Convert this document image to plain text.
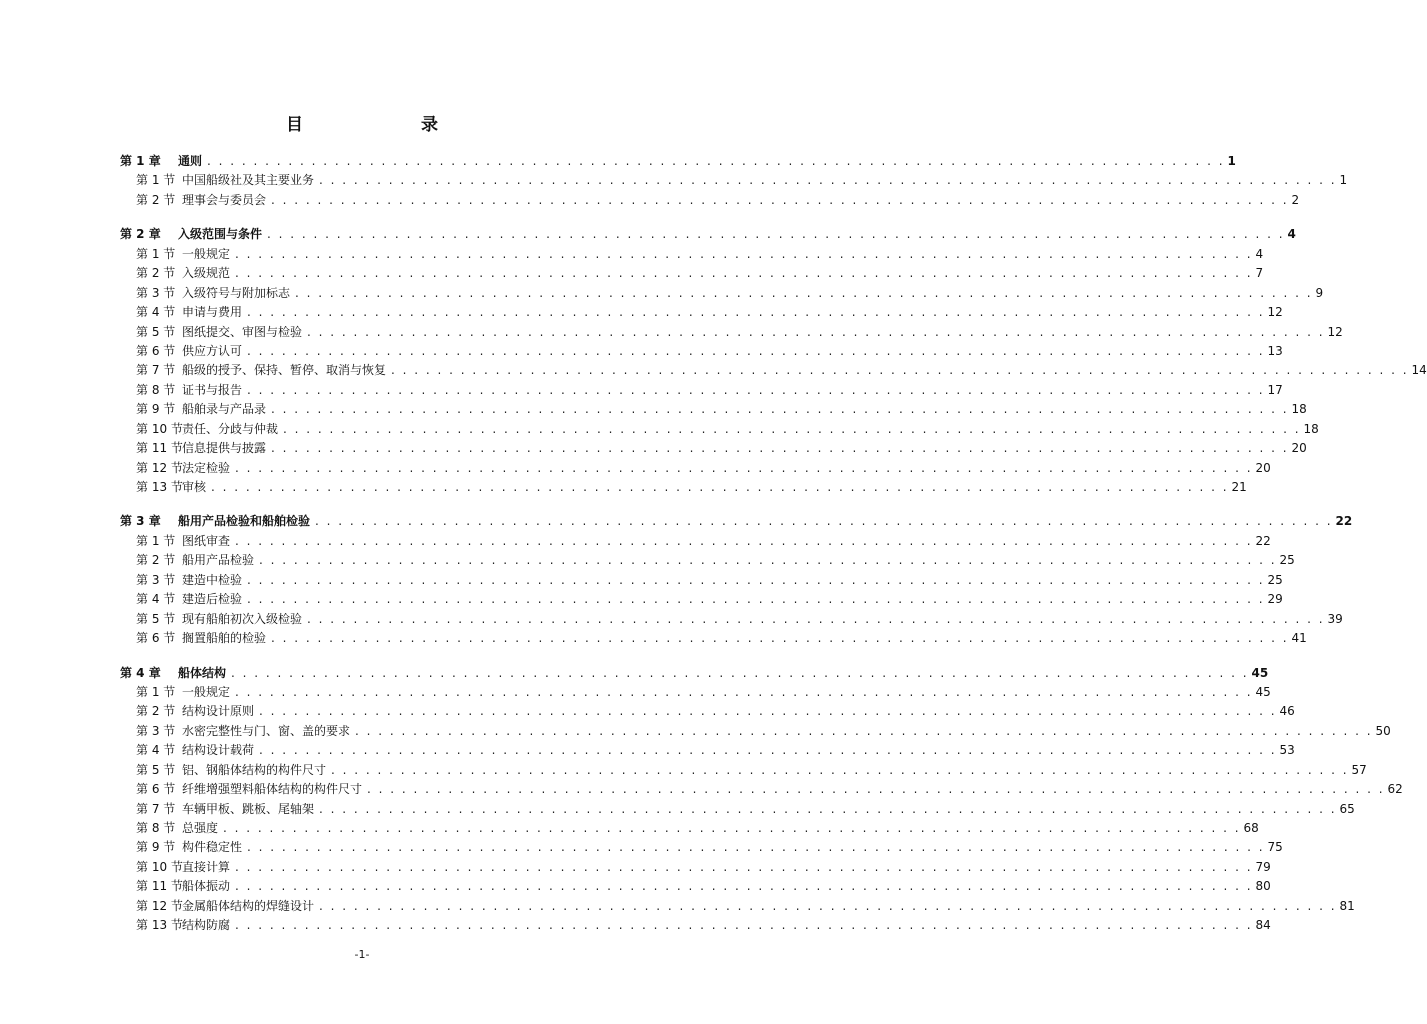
目　　录
第 1 章	通则 . . . . . . . . . . . . . . . . . . . . . . . . . . . . . . . . . . . . . . . . . . . . . . . . . . . . . . . . . . . . . . . . . . . . . . . . . . . . . . . . . . . . . . . . 1
第 1 节 中国船级社及其主要业务 . . . . . . . . . . . . . . . . . . . . . . . . . . . . . . . . . . . . . . . . . . . . . . . . . . . . . . . . . . . . . . . . . . . . . . . . . . . . . . . . . . . . . . . . 1
第 2 节 理事会与委员会 . . . . . . . . . . . . . . . . . . . . . . . . . . . . . . . . . . . . . . . . . . . . . . . . . . . . . . . . . . . . . . . . . . . . . . . . . . . . . . . . . . . . . . . . 2
第 2 章	入级范围与条件 . . . . . . . . . . . . . . . . . . . . . . . . . . . . . . . . . . . . . . . . . . . . . . . . . . . . . . . . . . . . . . . . . . . . . . . . . . . . . . . . . . . . . . . . 4
第 1 节 一般规定 . . . . . . . . . . . . . . . . . . . . . . . . . . . . . . . . . . . . . . . . . . . . . . . . . . . . . . . . . . . . . . . . . . . . . . . . . . . . . . . . . . . . . . . . 4
第 2 节 入级规范 . . . . . . . . . . . . . . . . . . . . . . . . . . . . . . . . . . . . . . . . . . . . . . . . . . . . . . . . . . . . . . . . . . . . . . . . . . . . . . . . . . . . . . . . 7
第 3 节 入级符号与附加标志 . . . . . . . . . . . . . . . . . . . . . . . . . . . . . . . . . . . . . . . . . . . . . . . . . . . . . . . . . . . . . . . . . . . . . . . . . . . . . . . . . . . . . . . . 9
第 4 节 申请与费用 . . . . . . . . . . . . . . . . . . . . . . . . . . . . . . . . . . . . . . . . . . . . . . . . . . . . . . . . . . . . . . . . . . . . . . . . . . . . . . . . . . . . . . . . 12
第 5 节 图纸提交、审图与检验 . . . . . . . . . . . . . . . . . . . . . . . . . . . . . . . . . . . . . . . . . . . . . . . . . . . . . . . . . . . . . . . . . . . . . . . . . . . . . . . . . . . . . . . . 12
第 6 节 供应方认可 . . . . . . . . . . . . . . . . . . . . . . . . . . . . . . . . . . . . . . . . . . . . . . . . . . . . . . . . . . . . . . . . . . . . . . . . . . . . . . . . . . . . . . . . 13
第 7 节 船级的授予、保持、暂停、取消与恢复 . . . . . . . . . . . . . . . . . . . . . . . . . . . . . . . . . . . . . . . . . . . . . . . . . . . . . . . . . . . . . . . . . . . . . . . . . . . . . . . . . . . . . . . . 14
第 8 节 证书与报告 . . . . . . . . . . . . . . . . . . . . . . . . . . . . . . . . . . . . . . . . . . . . . . . . . . . . . . . . . . . . . . . . . . . . . . . . . . . . . . . . . . . . . . . . 17
第 9 节 船舶录与产品录 . . . . . . . . . . . . . . . . . . . . . . . . . . . . . . . . . . . . . . . . . . . . . . . . . . . . . . . . . . . . . . . . . . . . . . . . . . . . . . . . . . . . . . . . 18
第 10 节 责任、分歧与仲裁 . . . . . . . . . . . . . . . . . . . . . . . . . . . . . . . . . . . . . . . . . . . . . . . . . . . . . . . . . . . . . . . . . . . . . . . . . . . . . . . . . . . . . . . . 18
第 11 节 信息提供与披露 . . . . . . . . . . . . . . . . . . . . . . . . . . . . . . . . . . . . . . . . . . . . . . . . . . . . . . . . . . . . . . . . . . . . . . . . . . . . . . . . . . . . . . . . 20
第 12 节 法定检验 . . . . . . . . . . . . . . . . . . . . . . . . . . . . . . . . . . . . . . . . . . . . . . . . . . . . . . . . . . . . . . . . . . . . . . . . . . . . . . . . . . . . . . . . 20
第 13 节 审核 . . . . . . . . . . . . . . . . . . . . . . . . . . . . . . . . . . . . . . . . . . . . . . . . . . . . . . . . . . . . . . . . . . . . . . . . . . . . . . . . . . . . . . . . 21
第 3 章	船用产品检验和船舶检验 . . . . . . . . . . . . . . . . . . . . . . . . . . . . . . . . . . . . . . . . . . . . . . . . . . . . . . . . . . . . . . . . . . . . . . . . . . . . . . . . . . . . . . . . 22
第 1 节 图纸审查 . . . . . . . . . . . . . . . . . . . . . . . . . . . . . . . . . . . . . . . . . . . . . . . . . . . . . . . . . . . . . . . . . . . . . . . . . . . . . . . . . . . . . . . . 22
第 2 节 船用产品检验 . . . . . . . . . . . . . . . . . . . . . . . . . . . . . . . . . . . . . . . . . . . . . . . . . . . . . . . . . . . . . . . . . . . . . . . . . . . . . . . . . . . . . . . . 25
第 3 节 建造中检验 . . . . . . . . . . . . . . . . . . . . . . . . . . . . . . . . . . . . . . . . . . . . . . . . . . . . . . . . . . . . . . . . . . . . . . . . . . . . . . . . . . . . . . . . 25
第 4 节 建造后检验 . . . . . . . . . . . . . . . . . . . . . . . . . . . . . . . . . . . . . . . . . . . . . . . . . . . . . . . . . . . . . . . . . . . . . . . . . . . . . . . . . . . . . . . . 29
第 5 节 现有船舶初次入级检验 . . . . . . . . . . . . . . . . . . . . . . . . . . . . . . . . . . . . . . . . . . . . . . . . . . . . . . . . . . . . . . . . . . . . . . . . . . . . . . . . . . . . . . . . 39
第 6 节 搁置船舶的检验 . . . . . . . . . . . . . . . . . . . . . . . . . . . . . . . . . . . . . . . . . . . . . . . . . . . . . . . . . . . . . . . . . . . . . . . . . . . . . . . . . . . . . . . . 41
第 4 章	船体结构 . . . . . . . . . . . . . . . . . . . . . . . . . . . . . . . . . . . . . . . . . . . . . . . . . . . . . . . . . . . . . . . . . . . . . . . . . . . . . . . . . . . . . . . . 45
第 1 节 一般规定 . . . . . . . . . . . . . . . . . . . . . . . . . . . . . . . . . . . . . . . . . . . . . . . . . . . . . . . . . . . . . . . . . . . . . . . . . . . . . . . . . . . . . . . . 45
第 2 节 结构设计原则 . . . . . . . . . . . . . . . . . . . . . . . . . . . . . . . . . . . . . . . . . . . . . . . . . . . . . . . . . . . . . . . . . . . . . . . . . . . . . . . . . . . . . . . . 46
第 3 节 水密完整性与门、窗、盖的要求 . . . . . . . . . . . . . . . . . . . . . . . . . . . . . . . . . . . . . . . . . . . . . . . . . . . . . . . . . . . . . . . . . . . . . . . . . . . . . . . . . . . . . . . . 50
第 4 节 结构设计载荷 . . . . . . . . . . . . . . . . . . . . . . . . . . . . . . . . . . . . . . . . . . . . . . . . . . . . . . . . . . . . . . . . . . . . . . . . . . . . . . . . . . . . . . . . 53
第 5 节 铝、钢船体结构的构件尺寸 . . . . . . . . . . . . . . . . . . . . . . . . . . . . . . . . . . . . . . . . . . . . . . . . . . . . . . . . . . . . . . . . . . . . . . . . . . . . . . . . . . . . . . . . 57
第 6 节 纤维增强塑料船体结构的构件尺寸 . . . . . . . . . . . . . . . . . . . . . . . . . . . . . . . . . . . . . . . . . . . . . . . . . . . . . . . . . . . . . . . . . . . . . . . . . . . . . . . . . . . . . . . . 62
第 7 节 车辆甲板、跳板、尾轴架 . . . . . . . . . . . . . . . . . . . . . . . . . . . . . . . . . . . . . . . . . . . . . . . . . . . . . . . . . . . . . . . . . . . . . . . . . . . . . . . . . . . . . . . . 65
第 8 节 总强度 . . . . . . . . . . . . . . . . . . . . . . . . . . . . . . . . . . . . . . . . . . . . . . . . . . . . . . . . . . . . . . . . . . . . . . . . . . . . . . . . . . . . . . . . 68
第 9 节 构件稳定性 . . . . . . . . . . . . . . . . . . . . . . . . . . . . . . . . . . . . . . . . . . . . . . . . . . . . . . . . . . . . . . . . . . . . . . . . . . . . . . . . . . . . . . . . 75
第 10 节 直接计算 . . . . . . . . . . . . . . . . . . . . . . . . . . . . . . . . . . . . . . . . . . . . . . . . . . . . . . . . . . . . . . . . . . . . . . . . . . . . . . . . . . . . . . . . 79
第 11 节 船体振动 . . . . . . . . . . . . . . . . . . . . . . . . . . . . . . . . . . . . . . . . . . . . . . . . . . . . . . . . . . . . . . . . . . . . . . . . . . . . . . . . . . . . . . . . 80
第 12 节 金属船体结构的焊缝设计 . . . . . . . . . . . . . . . . . . . . . . . . . . . . . . . . . . . . . . . . . . . . . . . . . . . . . . . . . . . . . . . . . . . . . . . . . . . . . . . . . . . . . . . . 81
第 13 节 结构防腐 . . . . . . . . . . . . . . . . . . . . . . . . . . . . . . . . . . . . . . . . . . . . . . . . . . . . . . . . . . . . . . . . . . . . . . . . . . . . . . . . . . . . . . . . 84
-1-
